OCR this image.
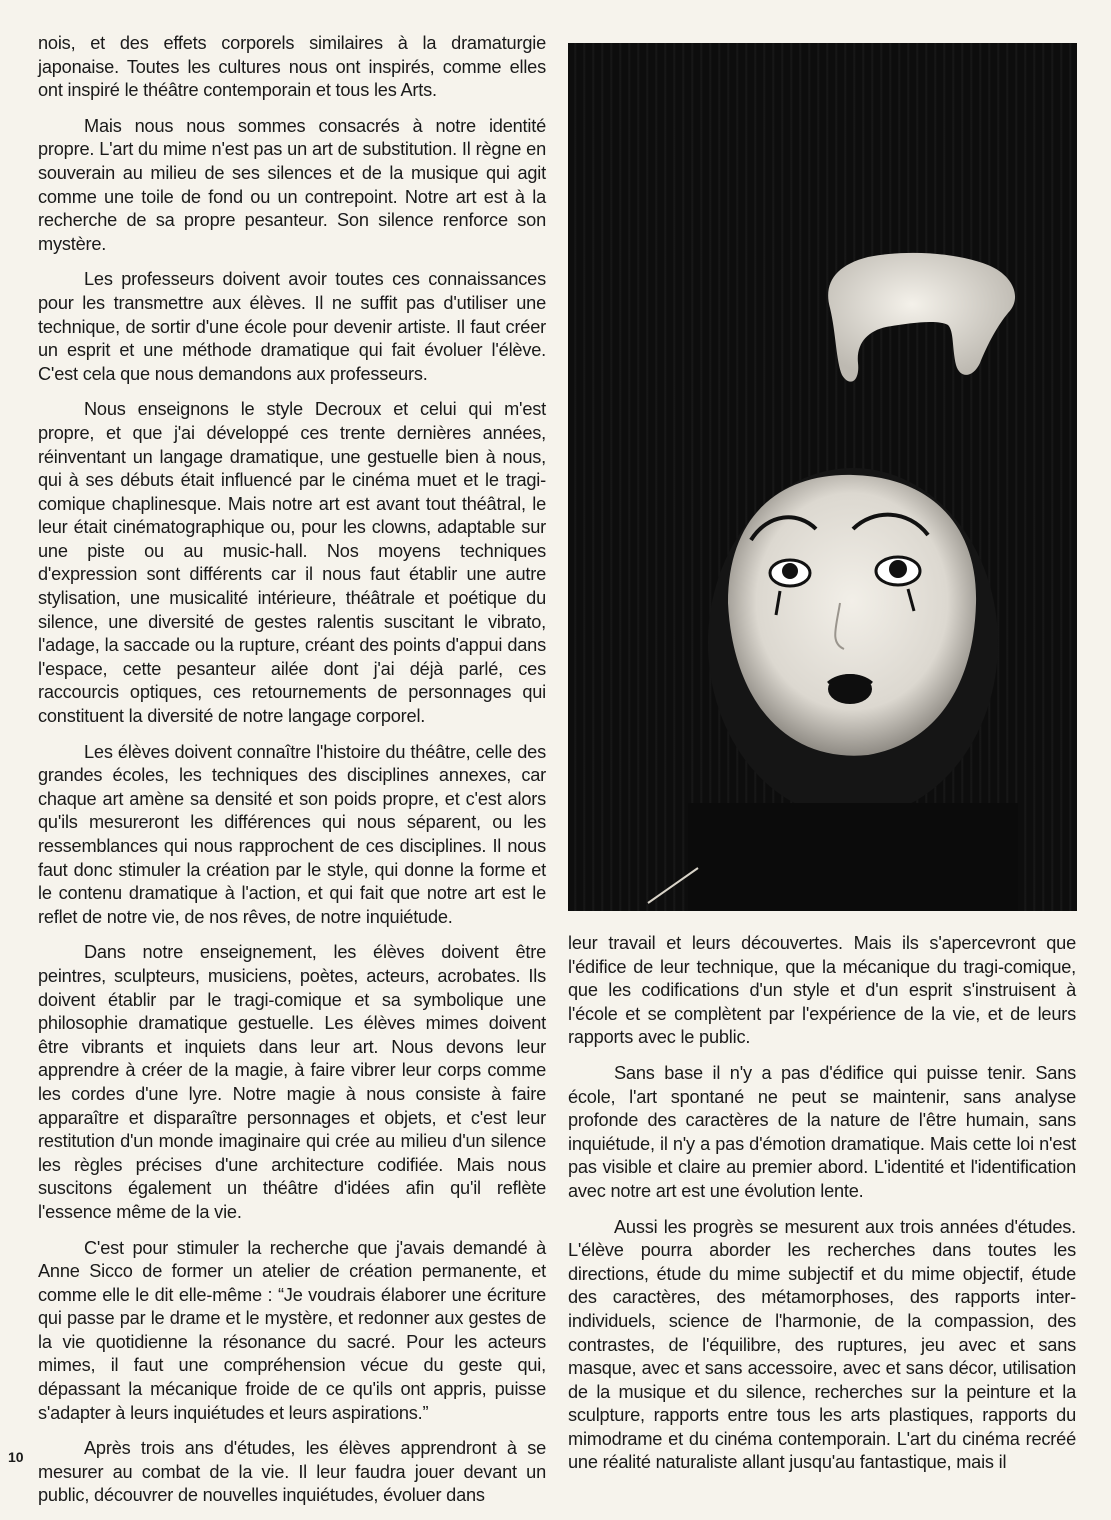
nois, et des effets corporels similaires à la dramaturgie japonaise. Toutes les cultures nous ont inspirés, comme elles ont inspiré le théâtre contemporain et tous les Arts.

Mais nous nous sommes consacrés à notre identité propre. L'art du mime n'est pas un art de substitution. Il règne en souverain au milieu de ses silences et de la musique qui agit comme une toile de fond ou un contrepoint. Notre art est à la recherche de sa propre pesanteur. Son silence renforce son mystère.

Les professeurs doivent avoir toutes ces connaissances pour les transmettre aux élèves. Il ne suffit pas d'utiliser une technique, de sortir d'une école pour devenir artiste. Il faut créer un esprit et une méthode dramatique qui fait évoluer l'élève. C'est cela que nous demandons aux professeurs.

Nous enseignons le style Decroux et celui qui m'est propre, et que j'ai développé ces trente dernières années, réinventant un langage dramatique, une gestuelle bien à nous, qui à ses débuts était influencé par le cinéma muet et le tragi-comique chaplinesque. Mais notre art est avant tout théâtral, le leur était cinématographique ou, pour les clowns, adaptable sur une piste ou au music-hall. Nos moyens techniques d'expression sont différents car il nous faut établir une autre stylisation, une musicalité intérieure, théâtrale et poétique du silence, une diversité de gestes ralentis suscitant le vibrato, l'adage, la saccade ou la rupture, créant des points d'appui dans l'espace, cette pesanteur ailée dont j'ai déjà parlé, ces raccourcis optiques, ces retournements de personnages qui constituent la diversité de notre langage corporel.

Les élèves doivent connaître l'histoire du théâtre, celle des grandes écoles, les techniques des disciplines annexes, car chaque art amène sa densité et son poids propre, et c'est alors qu'ils mesureront les différences qui nous séparent, ou les ressemblances qui nous rapprochent de ces disciplines. Il nous faut donc stimuler la création par le style, qui donne la forme et le contenu dramatique à l'action, et qui fait que notre art est le reflet de notre vie, de nos rêves, de notre inquiétude.

Dans notre enseignement, les élèves doivent être peintres, sculpteurs, musiciens, poètes, acteurs, acrobates. Ils doivent établir par le tragi-comique et sa symbolique une philosophie dramatique gestuelle. Les élèves mimes doivent être vibrants et inquiets dans leur art. Nous devons leur apprendre à créer de la magie, à faire vibrer leur corps comme les cordes d'une lyre. Notre magie à nous consiste à faire apparaître et disparaître personnages et objets, et c'est leur restitution d'un monde imaginaire qui crée au milieu d'un silence les règles précises d'une architecture codifiée. Mais nous suscitons également un théâtre d'idées afin qu'il reflète l'essence même de la vie.

C'est pour stimuler la recherche que j'avais demandé à Anne Sicco de former un atelier de création permanente, et comme elle le dit elle-même : “Je voudrais élaborer une écriture qui passe par le drame et le mystère, et redonner aux gestes de la vie quotidienne la résonance du sacré. Pour les acteurs mimes, il faut une compréhension vécue du geste qui, dépassant la mécanique froide de ce qu'ils ont appris, puisse s'adapter à leurs inquiétudes et leurs aspirations.”

Après trois ans d'études, les élèves apprendront à se mesurer au combat de la vie. Il leur faudra jouer devant un public, découvrer de nouvelles inquiétudes, évoluer dans

leur travail et leurs découvertes. Mais ils s'apercevront que l'édifice de leur technique, que la mécanique du tragi-comique, que les codifications d'un style et d'un esprit s'instruisent à l'école et se complètent par l'expérience de la vie, et de leurs rapports avec le public.

Sans base il n'y a pas d'édifice qui puisse tenir. Sans école, l'art spontané ne peut se maintenir, sans analyse profonde des caractères de la nature de l'être humain, sans inquiétude, il n'y a pas d'émotion dramatique. Mais cette loi n'est pas visible et claire au premier abord. L'identité et l'identification avec notre art est une évolution lente.

Aussi les progrès se mesurent aux trois années d'études. L'élève pourra aborder les recherches dans toutes les directions, étude du mime subjectif et du mime objectif, étude des caractères, des métamorphoses, des rapports inter-individuels, science de l'harmonie, de la compassion, des contrastes, de l'équilibre, des ruptures, jeu avec et sans masque, avec et sans accessoire, avec et sans décor, utilisation de la musique et du silence, recherches sur la peinture et la sculpture, rapports entre tous les arts plastiques, rapports du mimodrame et du cinéma contemporain. L'art du cinéma recréé une réalité naturaliste allant jusqu'au fantastique, mais il

10
